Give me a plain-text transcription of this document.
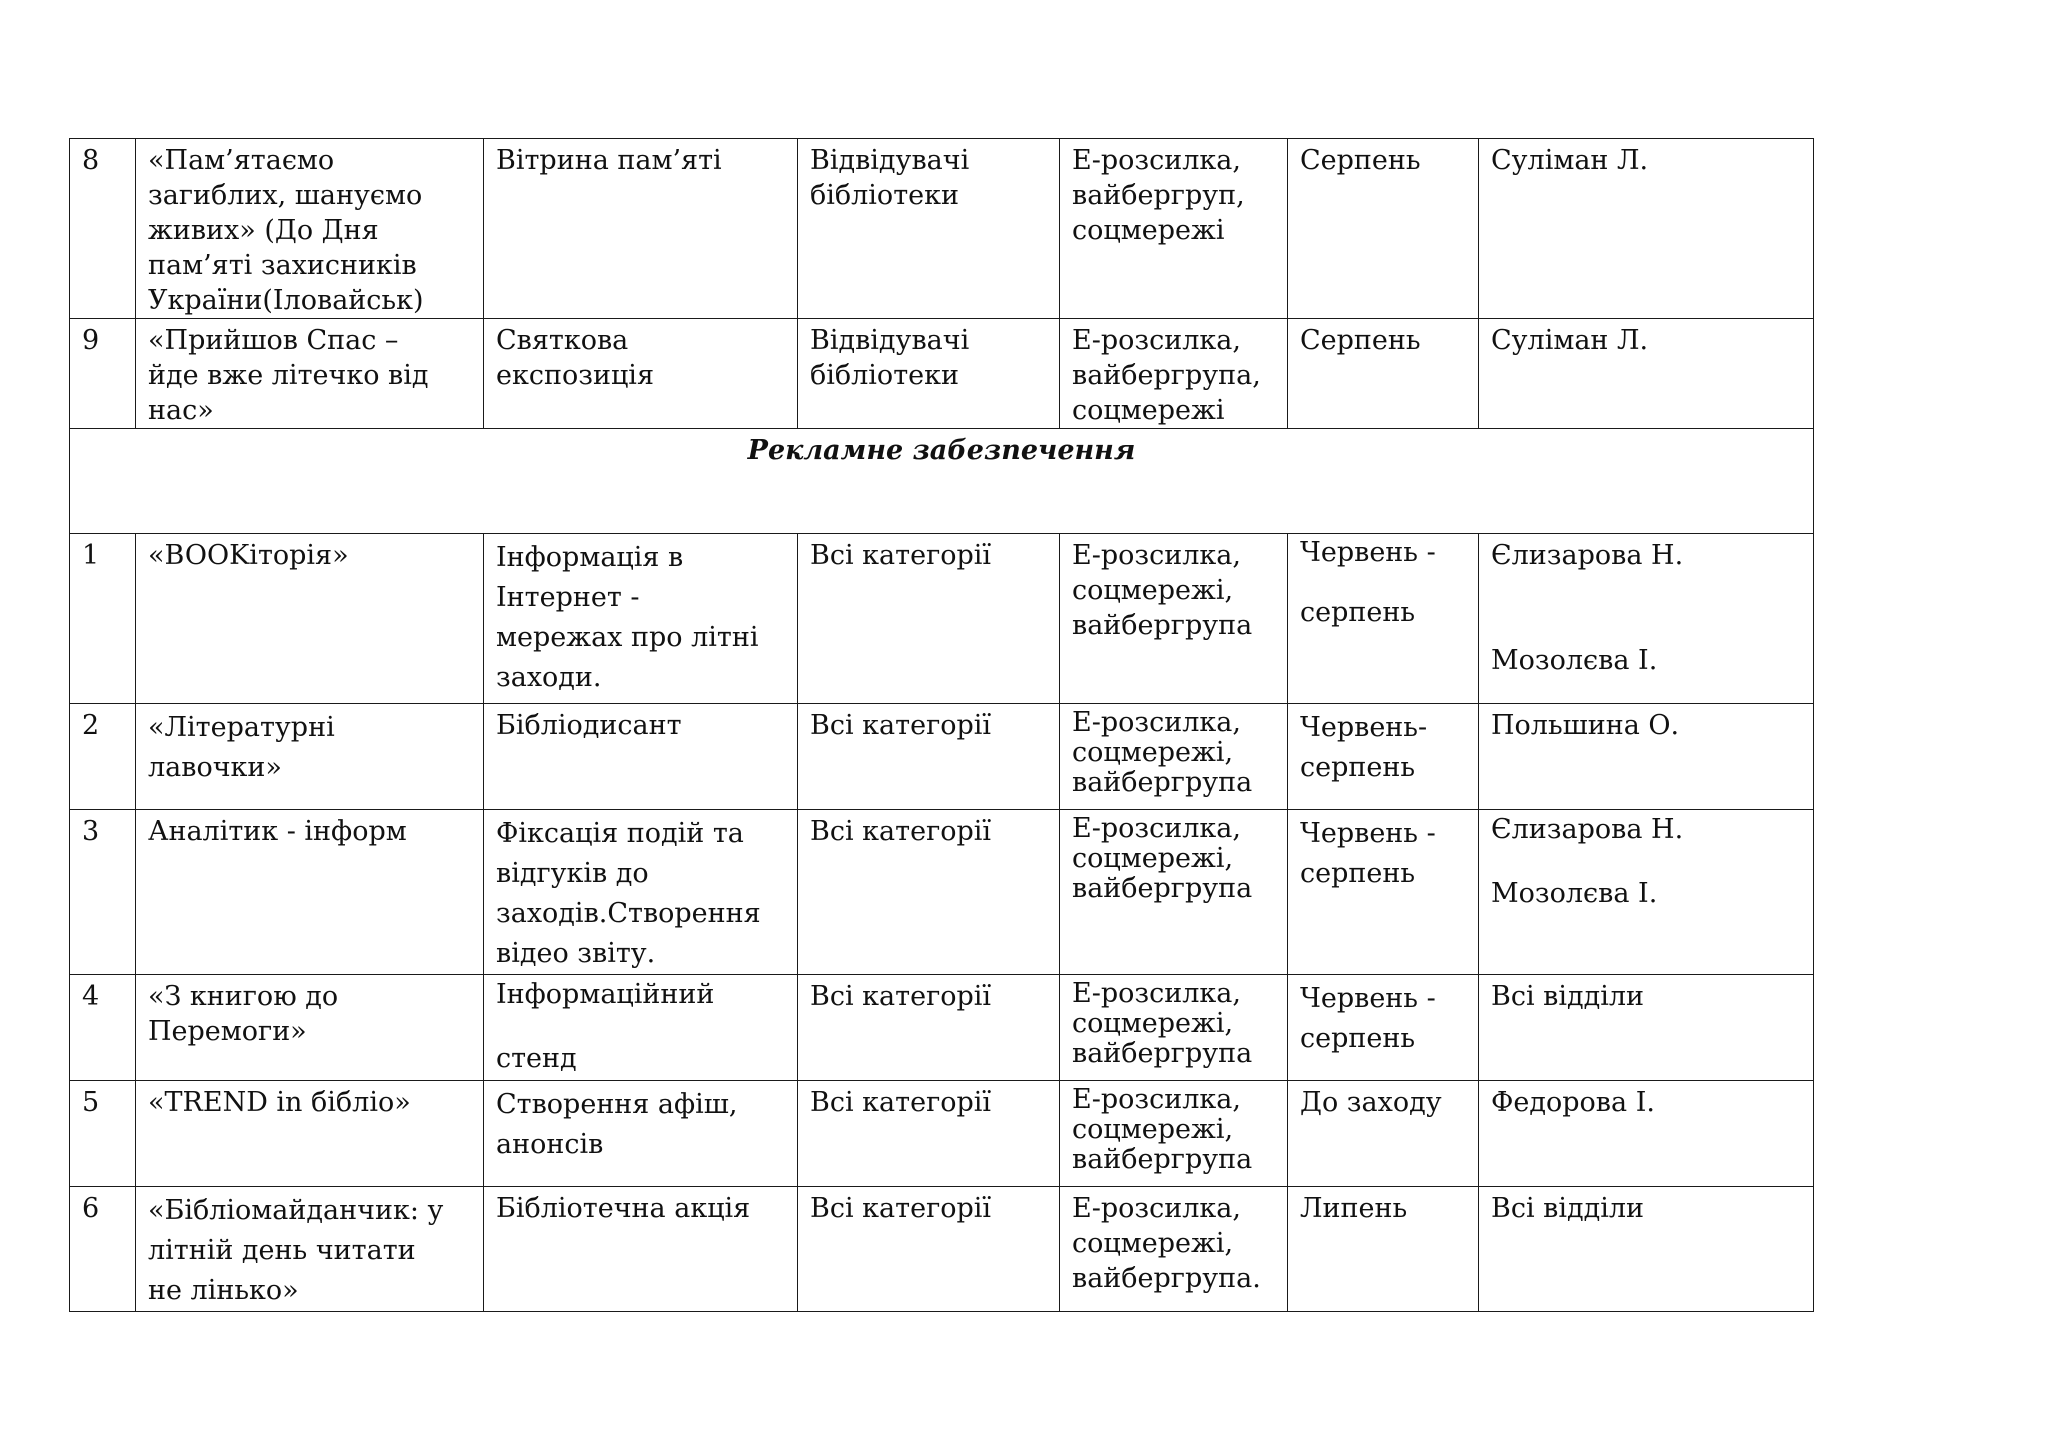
8	«Пам’ятаємо
загиблих, шануємо
живих» (До Дня
пам’яті захисників
України(Іловайськ)	Вітрина пам’яті	Відвідувачі
бібліотеки	Е-розсилка,
вайбергруп,
соцмережі	Серпень	Суліман Л.
9	«Прийшов Спас –
йде вже літечко від
нас»	Святкова
експозиція	Відвідувачі
бібліотеки	Е-розсилка,
вайбергрупа,
соцмережі	Серпень	Суліман Л.
Рекламне забезпечення						
1	«BOOKіторія»	Інформація в
Інтернет -
мережах про літні
заходи.	Всі категорії	Е-розсилка,
соцмережі,
вайбергрупа	Червень -

серпень	Єлизарова Н.

Мозолєва І.
2	«Літературні
лавочки»	Бібліодисант	Всі категорії	Е-розсилка,
соцмережі,
вайбергрупа	Червень-
серпень	Польшина О.
3	Аналітик - інформ	Фіксація подій та
відгуків до
заходів.Створення
відео звіту.	Всі категорії	Е-розсилка,
соцмережі,
вайбергрупа	Червень -
серпень	Єлизарова Н.

Мозолєва І.
4	«З книгою до
Перемоги»	Інформаційний

стенд	Всі категорії	Е-розсилка,
соцмережі,
вайбергрупа	Червень -
серпень	Всі відділи
5	«TREND in бібліо»	Створення афіш,
анонсів	Всі категорії	Е-розсилка,
соцмережі,
вайбергрупа	До заходу	Федорова І.
6	«Бібліомайданчик: у
літній день читати
не лінько»	Бібліотечна акція	Всі категорії	Е-розсилка,
соцмережі,
вайбергрупа.	Липень	Всі відділи
